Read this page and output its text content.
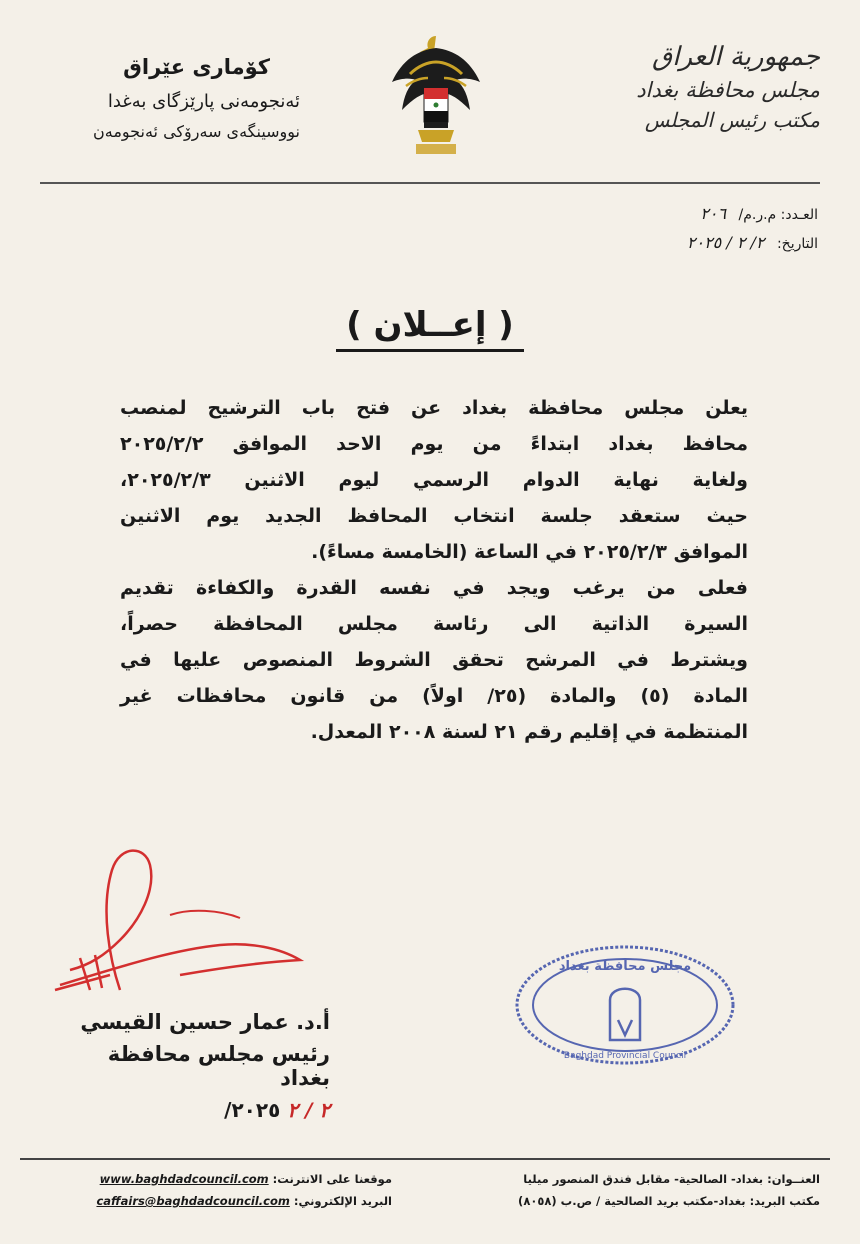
کۆماری عێراق
ئەنجومەنی پارێزگای بەغدا
نووسینگەی سەرۆکی ئەنجومەن
جمهورية العراق
مجلس محافظة بغداد
مكتب رئيس المجلس
العـدد: م.ر.م/ ٢٠٦
التاريخ: ٢/ ٢ / ٢٠٢٥
( إعــلان )
يعلن مجلس محافظة بغداد عن فتح باب الترشيح لمنصب
محافظ بغداد ابتداءً من يوم الاحد الموافق ٢٠٢٥/٢/٢
ولغاية نهاية الدوام الرسمي ليوم الاثنين ٢٠٢٥/٢/٣،
حيث ستعقد جلسة انتخاب المحافظ الجديد يوم الاثنين
الموافق ٢٠٢٥/٢/٣ في الساعة (الخامسة مساءً).
فعلى من يرغب ويجد في نفسه القدرة والكفاءة تقديم
السيرة الذاتية الى رئاسة مجلس المحافظة حصراً،
ويشترط في المرشح تحقق الشروط المنصوص عليها في
المادة (٥) والمادة (٢٥/ اولاً) من قانون محافظات غير
المنتظمة في إقليم رقم ٢١ لسنة ٢٠٠٨ المعدل.
مجلس محافظة بغداد
Baghdad Provincial Council
أ.د. عمار حسين القيسي
رئيس مجلس محافظة بغداد
٢ / ٢ ٢٠٢٥/
العنــوان: بغداد- الصالحية- مقابل فندق المنصور ميليا
مكتب البريد: بغداد-مكتب بريد الصالحية / ص.ب (٨٠٥٨)
موقعنا على الانترنت: www.baghdadcouncil.com
البريد الإلكتروني: caffairs@baghdadcouncil.com
